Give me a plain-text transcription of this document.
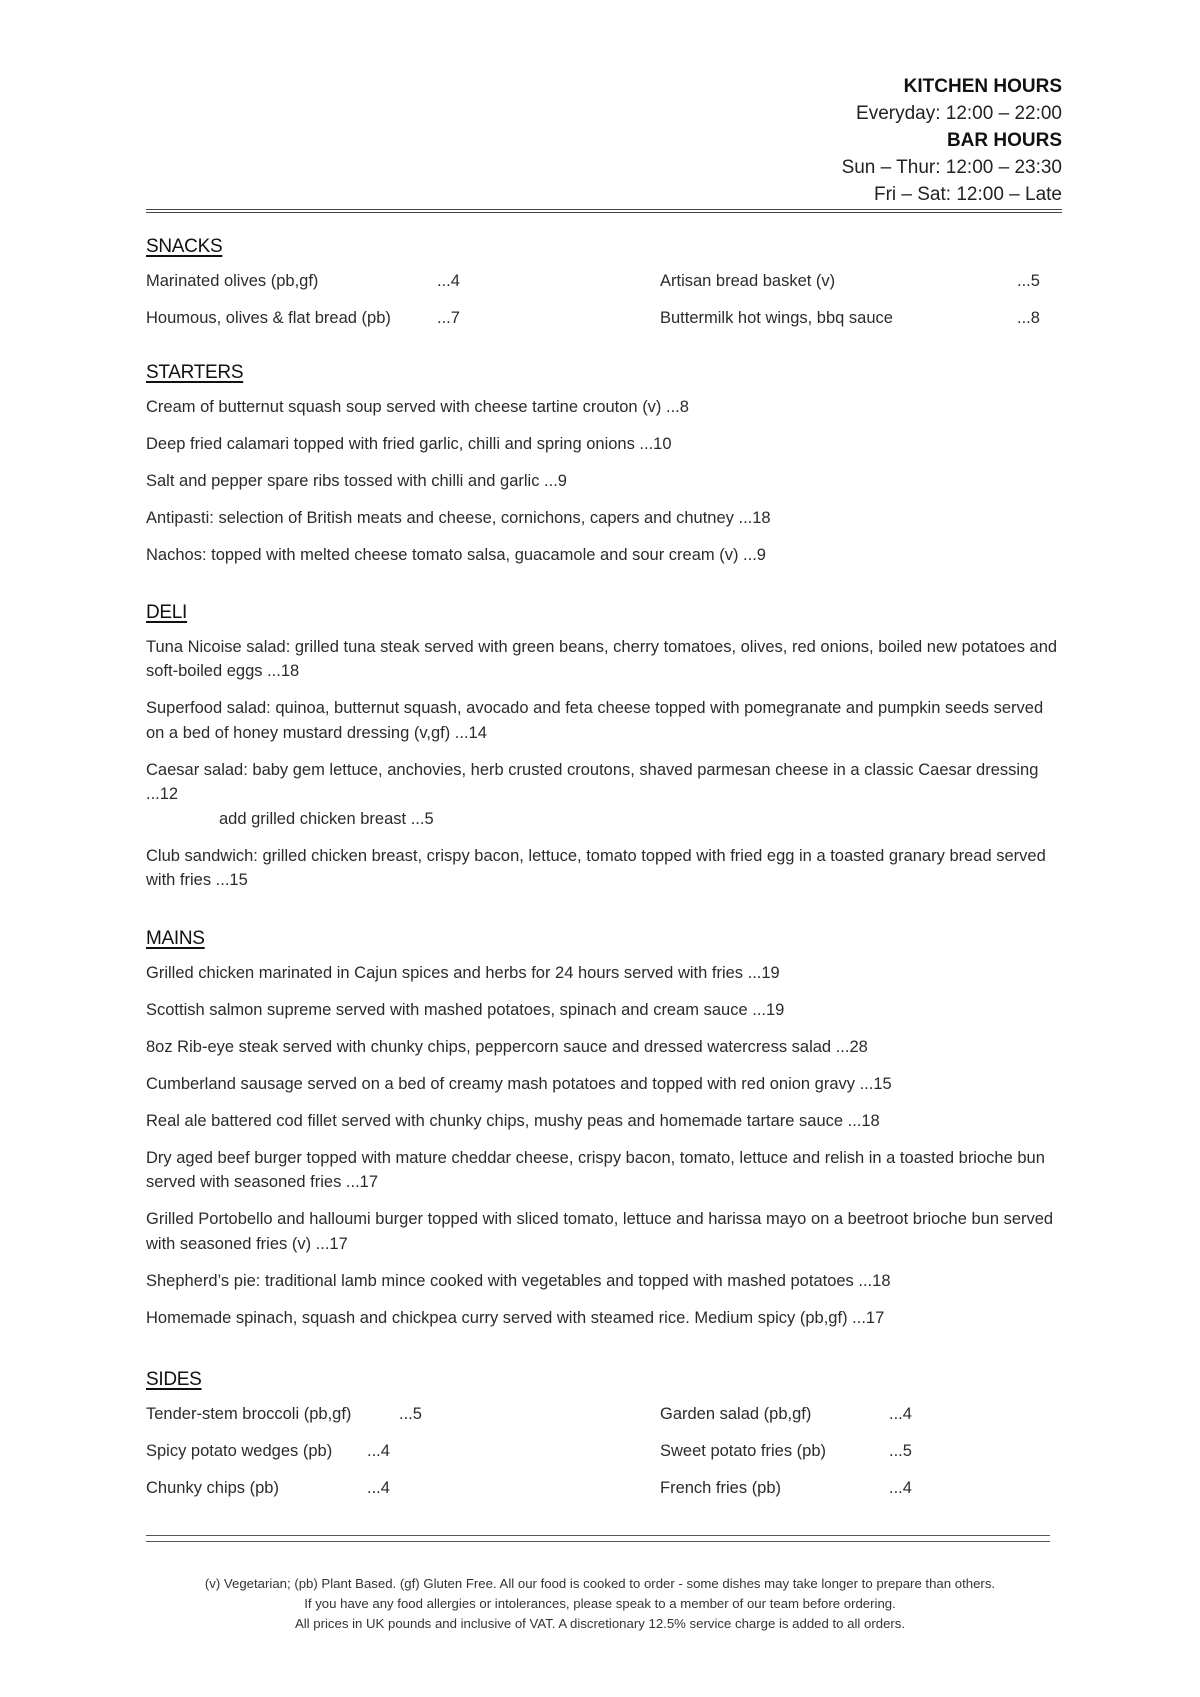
KITCHEN HOURS
Everyday: 12:00 – 22:00
BAR HOURS
Sun – Thur: 12:00 – 23:30
Fri – Sat: 12:00 – Late
SNACKS
Marinated olives (pb,gf)	...4	Artisan bread basket (v)	...5
Houmous, olives & flat bread (pb)	...7	Buttermilk hot wings, bbq sauce	...8
STARTERS
Cream of butternut squash soup served with cheese tartine crouton (v) ...8
Deep fried calamari topped with fried garlic, chilli and spring onions ...10
Salt and pepper spare ribs tossed with chilli and garlic ...9
Antipasti: selection of British meats and cheese, cornichons, capers and chutney ...18
Nachos: topped with melted cheese tomato salsa, guacamole and sour cream (v) ...9
DELI
Tuna Nicoise salad: grilled tuna steak served with green beans, cherry tomatoes, olives, red onions, boiled new potatoes and soft-boiled eggs ...18
Superfood salad: quinoa, butternut squash, avocado and feta cheese topped with pomegranate and pumpkin seeds served on a bed of honey mustard dressing (v,gf) ...14
Caesar salad: baby gem lettuce, anchovies, herb crusted croutons, shaved parmesan cheese in a classic Caesar dressing ...12
add grilled chicken breast ...5
Club sandwich: grilled chicken breast, crispy bacon, lettuce, tomato topped with fried egg in a toasted granary bread served with fries ...15
MAINS
Grilled chicken marinated in Cajun spices and herbs for 24 hours served with fries ...19
Scottish salmon supreme served with mashed potatoes, spinach and cream sauce ...19
8oz Rib-eye steak served with chunky chips, peppercorn sauce and dressed watercress salad ...28
Cumberland sausage served on a bed of creamy mash potatoes and topped with red onion gravy ...15
Real ale battered cod fillet served with chunky chips, mushy peas and homemade tartare sauce ...18
Dry aged beef burger topped with mature cheddar cheese, crispy bacon, tomato, lettuce and relish in a toasted brioche bun served with seasoned fries ...17
Grilled Portobello and halloumi burger topped with sliced tomato, lettuce and harissa mayo on a beetroot brioche bun served with seasoned fries (v) ...17
Shepherd’s pie: traditional lamb mince cooked with vegetables and topped with mashed potatoes ...18
Homemade spinach, squash and chickpea curry served with steamed rice. Medium spicy (pb,gf) ...17
SIDES
Tender-stem broccoli (pb,gf)	...5	Garden salad (pb,gf)	...4
Spicy potato wedges (pb) ...4	Sweet potato fries (pb)	...5
Chunky chips (pb)	...4	French fries (pb)	...4
(v) Vegetarian; (pb) Plant Based. (gf) Gluten Free. All our food is cooked to order - some dishes may take longer to prepare than others.
If you have any food allergies or intolerances, please speak to a member of our team before ordering.
All prices in UK pounds and inclusive of VAT. A discretionary 12.5% service charge is added to all orders.
